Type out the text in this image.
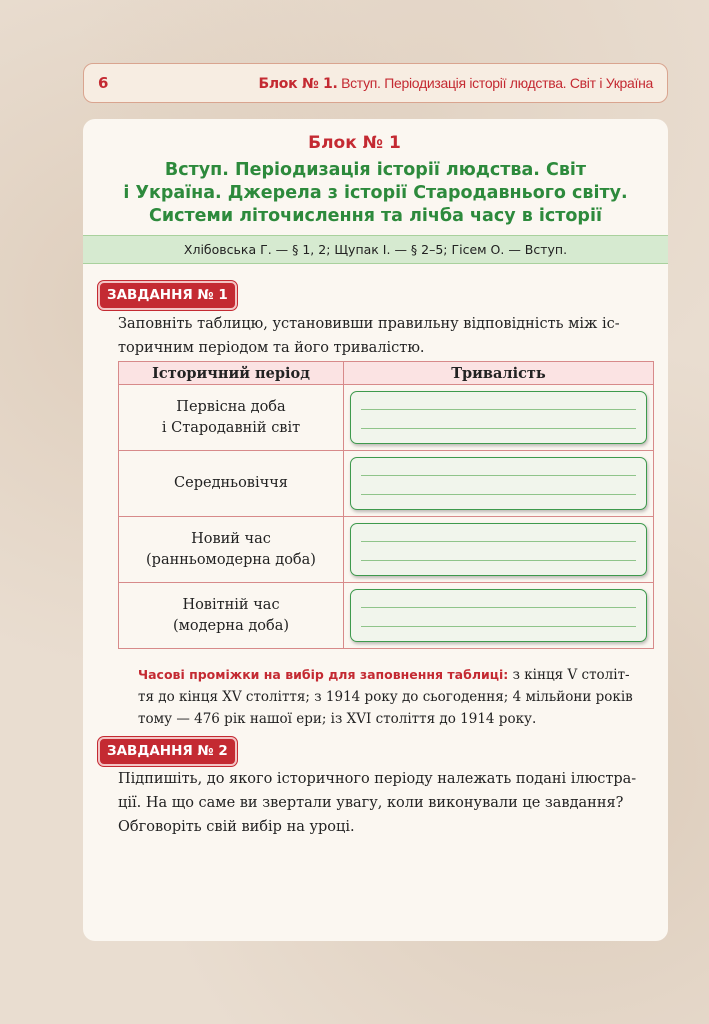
6	Блок № 1. Вступ. Періодизація історії людства. Світ і Україна
Блок № 1
Вступ. Періодизація історії людства. Світ
і Україна. Джерела з історії Стародавнього світу.
Системи літочислення та лічба часу в історії
Хлібовська Г. — § 1, 2; Щупак І. — § 2–5; Гісем О. — Вступ.
ЗАВДАННЯ № 1
Заповніть таблицю, установивши правильну відповідність між іс-
торичним періодом та його тривалістю.
Історичний період	Тривалість

Первісна доба
і Стародавній світ	

Середньовіччя	

Новий час
(ранньомодерна доба)	

Новітній час
(модерна доба)	

Часові проміжки на вибір для заповнення таблиці: з кінця V століт-
тя до кінця XV століття; з 1914 року до сьогодення; 4 мільйони років
тому — 476 рік нашої ери; із XVI століття до 1914 року.
ЗАВДАННЯ № 2
Підпишіть, до якого історичного періоду належать подані ілюстра-
ції. На що саме ви звертали увагу, коли виконували це завдання?
Обговоріть свій вибір на уроці.
